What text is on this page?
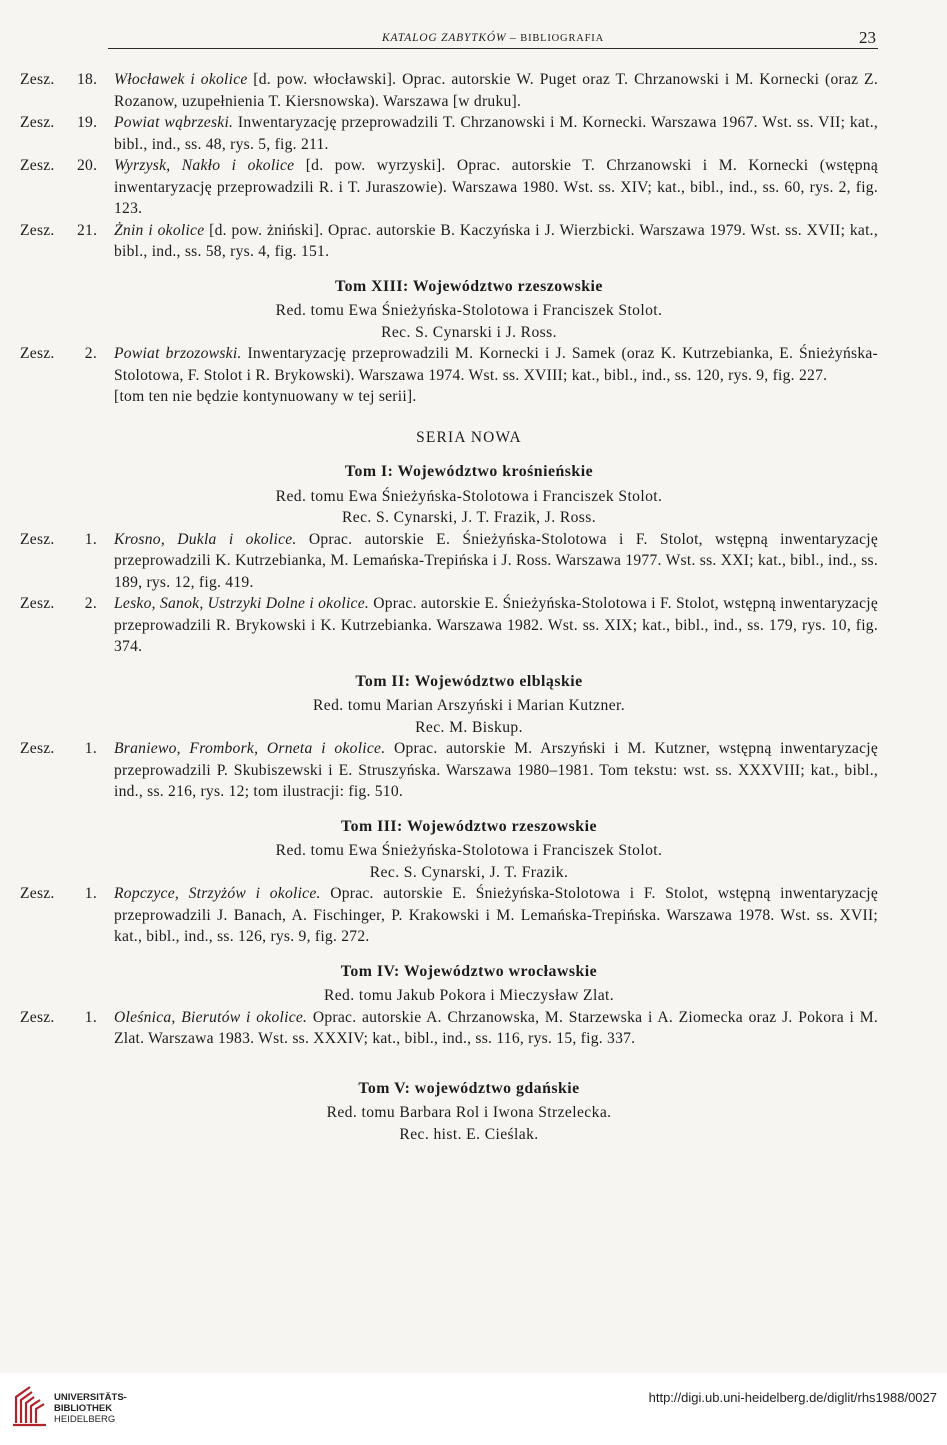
KATALOG ZABYTKÓW – BIBLIOGRAFIA	23
Zesz. 18. Włocławek i okolice [d. pow. włocławski]. Oprac. autorskie W. Puget oraz T. Chrzanowski i M. Kornecki (oraz Z. Rozanow, uzupełnienia T. Kiersnowska). Warszawa [w druku].
Zesz. 19. Powiat wąbrzeski. Inwentaryzację przeprowadzili T. Chrzanowski i M. Kornecki. Warszawa 1967. Wst. ss. VII; kat., bibl., ind., ss. 48, rys. 5, fig. 211.
Zesz. 20. Wyrzysk, Nakło i okolice [d. pow. wyrzyski]. Oprac. autorskie T. Chrzanowski i M. Kornecki (wstępną inwentaryzację przeprowadzili R. i T. Juraszowie). Warszawa 1980. Wst. ss. XIV; kat., bibl., ind., ss. 60, rys. 2, fig. 123.
Zesz. 21. Żnin i okolice [d. pow. żniński]. Oprac. autorskie B. Kaczyńska i J. Wierzbicki. Warszawa 1979. Wst. ss. XVII; kat., bibl., ind., ss. 58, rys. 4, fig. 151.
Tom XIII: Województwo rzeszowskie
Red. tomu Ewa Śnieżyńska-Stolotowa i Franciszek Stolot.
Rec. S. Cynarski i J. Ross.
Zesz.	2. Powiat brzozowski. Inwentaryzację przeprowadzili M. Kornecki i J. Samek (oraz K. Kutrzebianka, E. Śnieżyńska-Stolotowa, F. Stolot i R. Brykowski). Warszawa 1974. Wst. ss. XVIII; kat., bibl., ind., ss. 120, rys. 9, fig. 227.
[tom ten nie będzie kontynuowany w tej serii].
SERIA NOWA
Tom I: Województwo krośnieńskie
Red. tomu Ewa Śnieżyńska-Stolotowa i Franciszek Stolot.
Rec. S. Cynarski, J. T. Frazik, J. Ross.
Zesz.	1. Krosno, Dukla i okolice. Oprac. autorskie E. Śnieżyńska-Stolotowa i F. Stolot, wstępną inwentaryzację przeprowadzili K. Kutrzebianka, M. Lemańska-Trepińska i J. Ross. Warszawa 1977. Wst. ss. XXI; kat., bibl., ind., ss. 189, rys. 12, fig. 419.
Zesz.	2. Lesko, Sanok, Ustrzyki Dolne i okolice. Oprac. autorskie E. Śnieżyńska-Stolotowa i F. Stolot, wstępną inwentaryzację przeprowadzili R. Brykowski i K. Kutrzebianka. Warszawa 1982. Wst. ss. XIX; kat., bibl., ind., ss. 179, rys. 10, fig. 374.
Tom II: Województwo elbląskie
Red. tomu Marian Arszyński i Marian Kutzner.
Rec. M. Biskup.
Zesz.	1. Braniewo, Frombork, Orneta i okolice. Oprac. autorskie M. Arszyński i M. Kutzner, wstępną inwentaryzację przeprowadzili P. Skubiszewski i E. Struszyńska. Warszawa 1980–1981. Tom tekstu: wst. ss. XXXVIII; kat., bibl., ind., ss. 216, rys. 12; tom ilustracji: fig. 510.
Tom III: Województwo rzeszowskie
Red. tomu Ewa Śnieżyńska-Stolotowa i Franciszek Stolot.
Rec. S. Cynarski, J. T. Frazik.
Zesz.	1. Ropczyce, Strzyżów i okolice. Oprac. autorskie E. Śnieżyńska-Stolotowa i F. Stolot, wstępną inwentaryzację przeprowadzili J. Banach, A. Fischinger, P. Krakowski i M. Lemańska-Trepińska. Warszawa 1978. Wst. ss. XVII; kat., bibl., ind., ss. 126, rys. 9, fig. 272.
Tom IV: Województwo wrocławskie
Red. tomu Jakub Pokora i Mieczysław Zlat.
Zesz.	1. Oleśnica, Bierutów i okolice. Oprac. autorskie A. Chrzanowska, M. Starzewska i A. Ziomecka oraz J. Pokora i M. Zlat. Warszawa 1983. Wst. ss. XXXIV; kat., bibl., ind., ss. 116, rys. 15, fig. 337.
Tom V: województwo gdańskie
Red. tomu Barbara Rol i Iwona Strzelecka.
Rec. hist. E. Cieślak.
UNIVERSITÄTS-
BIBLIOTHEK
HEIDELBERG
http://digi.ub.uni-heidelberg.de/diglit/rhs1988/0027
